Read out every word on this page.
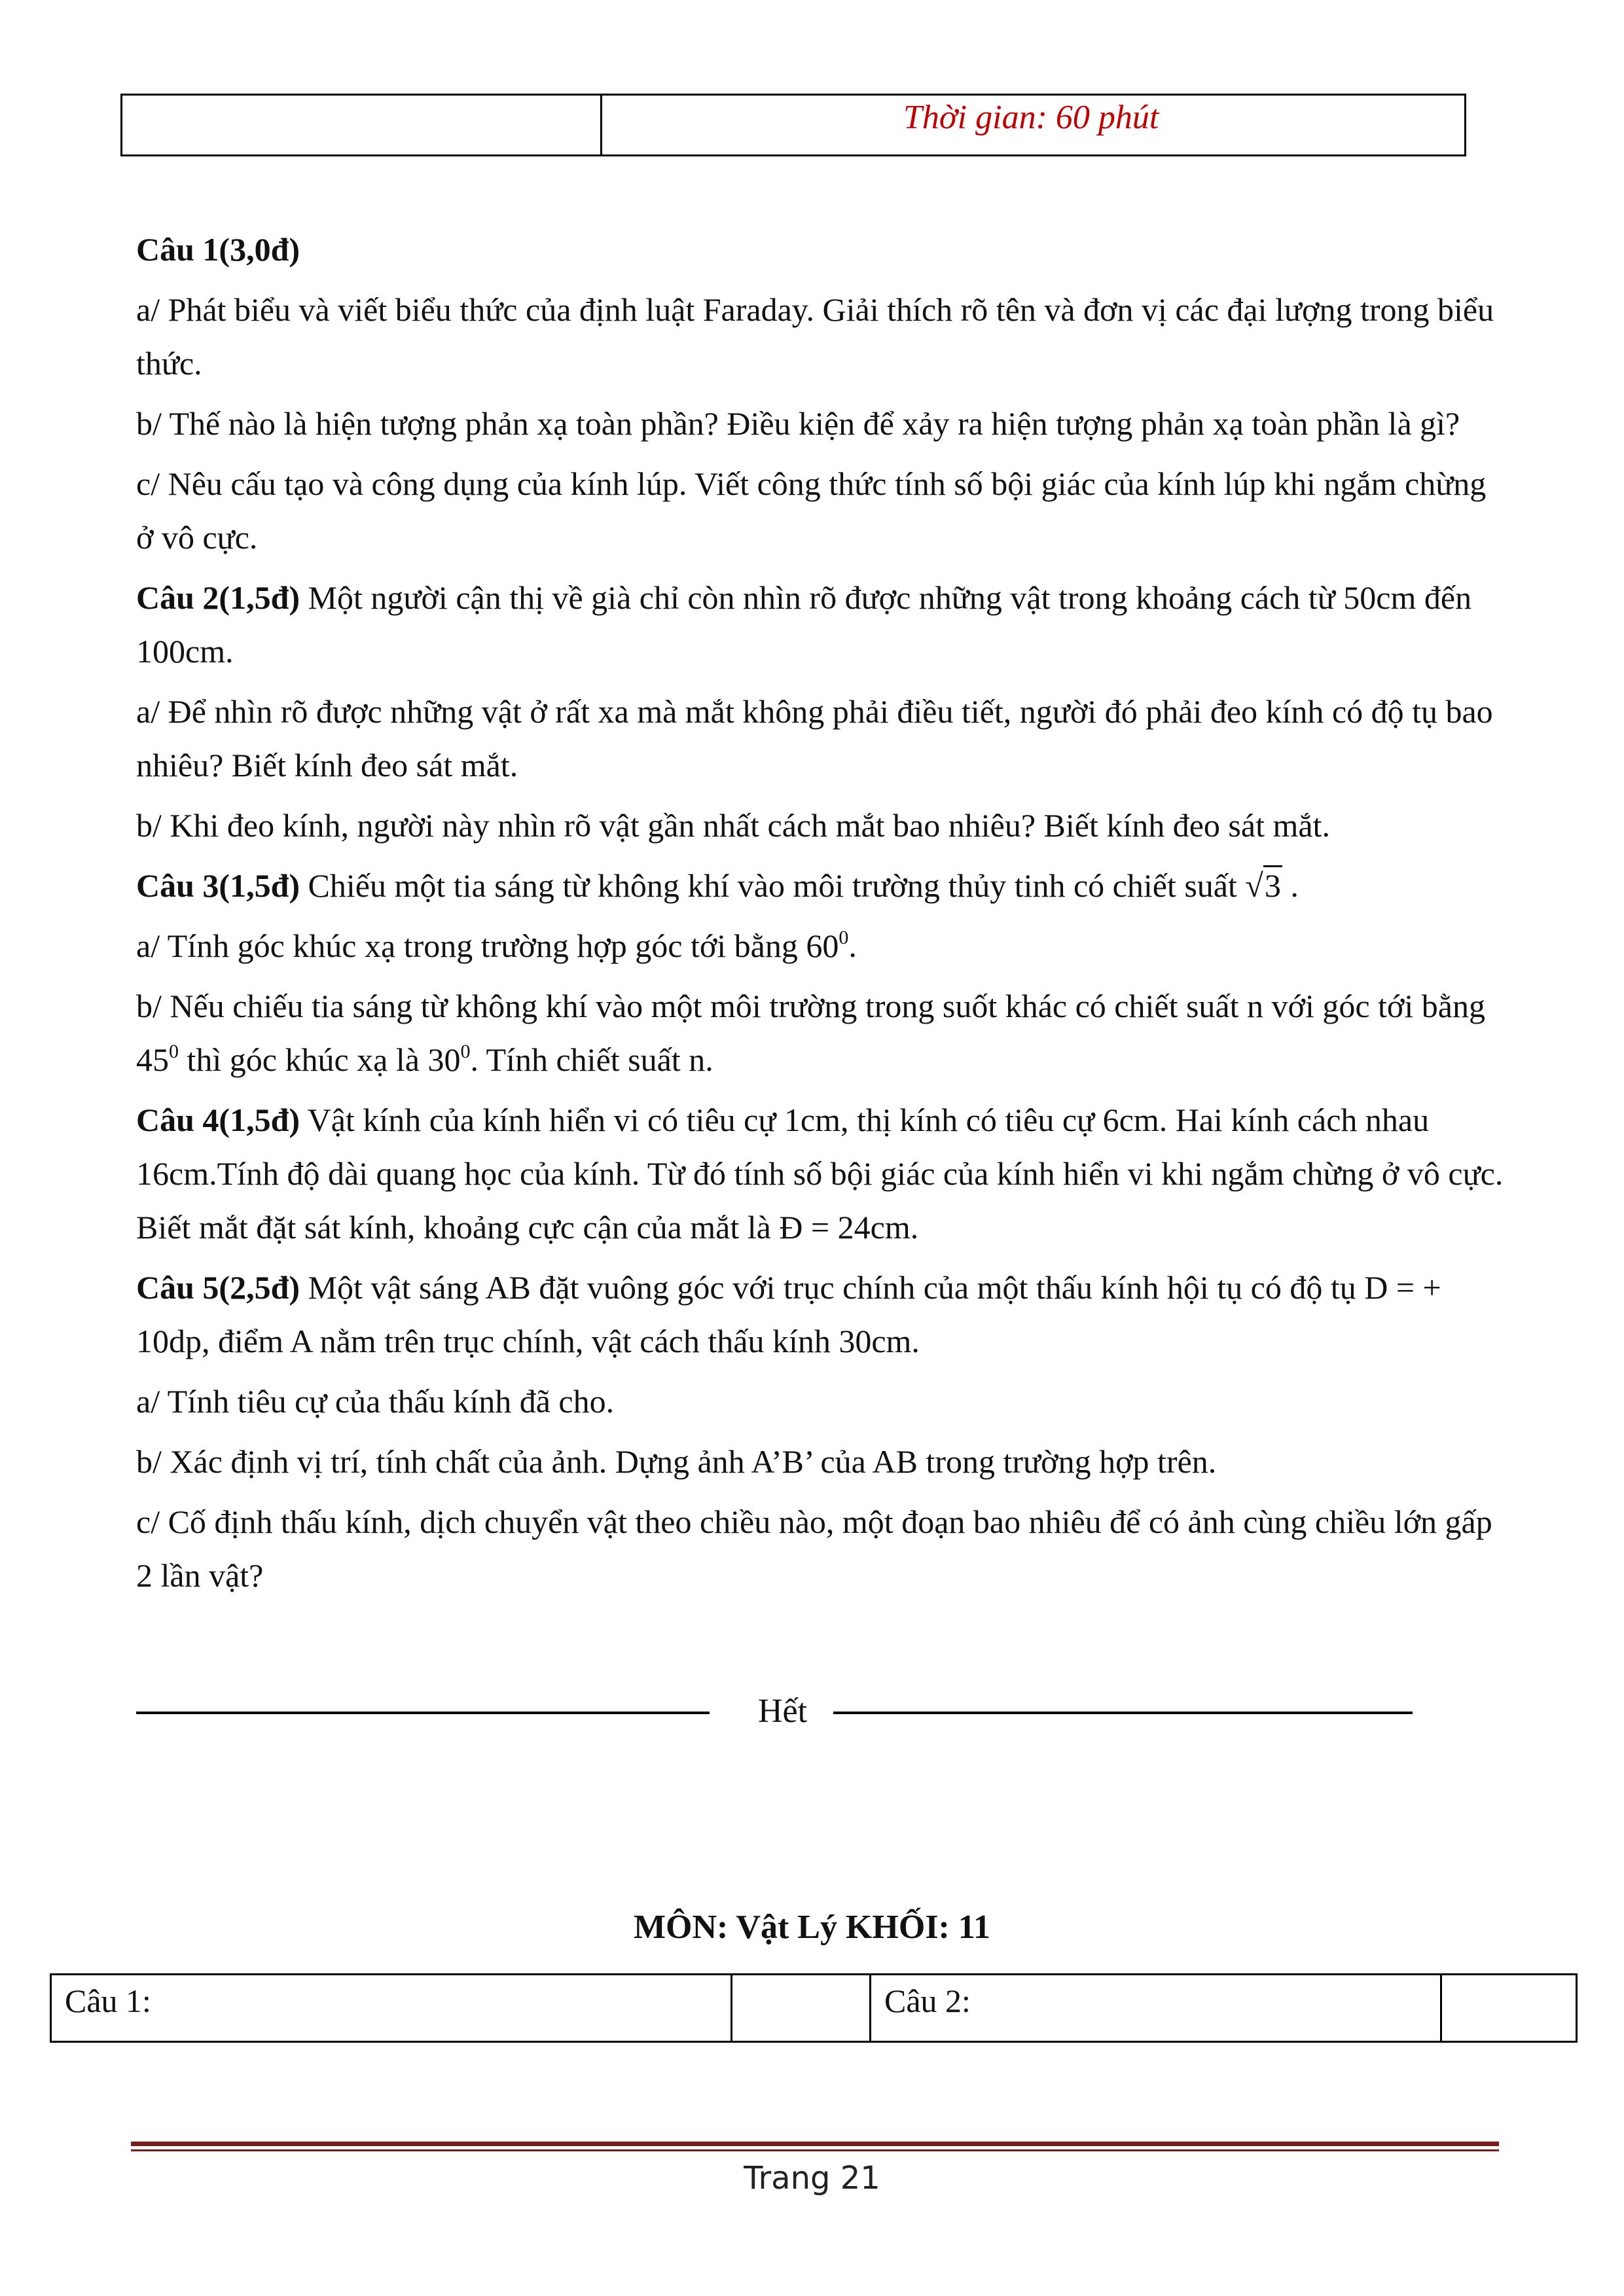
Thời gian: 60 phút

Câu 1(3,0đ)

a/ Phát biểu và viết biểu thức của định luật Faraday. Giải thích rõ tên và đơn vị các đại lượng trong biểu thức.

b/ Thế nào là hiện tượng phản xạ toàn phần? Điều kiện để xảy ra hiện tượng phản xạ toàn phần là gì?

c/ Nêu cấu tạo và công dụng của kính lúp. Viết công thức tính số bội giác của kính lúp khi ngắm chừng ở vô cực.

Câu 2(1,5đ) Một người cận thị về già chỉ còn nhìn rõ được những vật trong khoảng cách từ 50cm đến 100cm.

a/ Để nhìn rõ được những vật ở rất xa mà mắt không phải điều tiết, người đó phải đeo kính có độ tụ bao nhiêu? Biết kính đeo sát mắt.

b/ Khi đeo kính, người này nhìn rõ vật gần nhất cách mắt bao nhiêu? Biết kính đeo sát mắt.

Câu 3(1,5đ) Chiếu một tia sáng từ không khí vào môi trường thủy tinh có chiết suất √3 .

a/ Tính góc khúc xạ trong trường hợp góc tới bằng $60^0$.

b/ Nếu chiếu tia sáng từ không khí vào một môi trường trong suốt khác có chiết suất n với góc tới bằng $45^0$ thì góc khúc xạ là $30^0$. Tính chiết suất n.

Câu 4(1,5đ) Vật kính của kính hiển vi có tiêu cự 1cm, thị kính có tiêu cự 6cm. Hai kính cách nhau 16cm.Tính độ dài quang học của kính. Từ đó tính số bội giác của kính hiển vi khi ngắm chừng ở vô cực. Biết mắt đặt sát kính, khoảng cực cận của mắt là Đ = 24cm.

Câu 5(2,5đ) Một vật sáng AB đặt vuông góc với trục chính của một thấu kính hội tụ có độ tụ D = + 10dp, điểm A nằm trên trục chính, vật cách thấu kính 30cm.

a/ Tính tiêu cự của thấu kính đã cho.

b/ Xác định vị trí, tính chất của ảnh. Dựng ảnh A’B’ của AB trong trường hợp trên.

c/ Cố định thấu kính, dịch chuyển vật theo chiều nào, một đoạn bao nhiêu để có ảnh cùng chiều lớn gấp 2 lần vật?

Hết
MÔN: Vật Lý KHỐI: 11
Câu 1:	Câu 2:
Trang 21
